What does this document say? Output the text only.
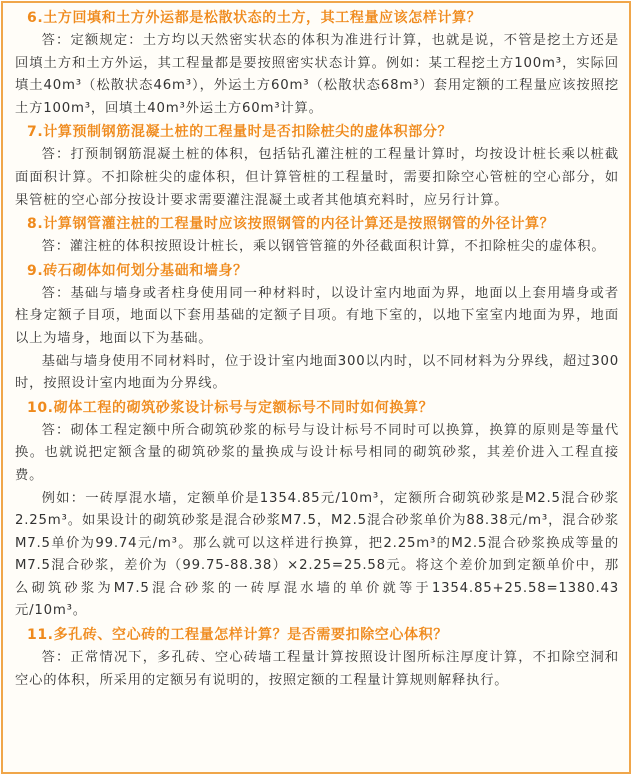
6.土方回填和土方外运都是松散状态的土方，其工程量应该怎样计算？

答：定额规定：土方均以天然密实状态的体积为准进行计算，也就是说，不管是挖土方还是回填土方和土方外运，其工程量都是要按照密实状态计算。例如：某工程挖土方100m³，实际回填土40m³（松散状态46m³），外运土方60m³（松散状态68m³）套用定额的工程量应该按照挖土方100m³，回填土40m³外运土方60m³计算。

7.计算预制钢筋混凝土桩的工程量时是否扣除桩尖的虚体积部分？

答：打预制钢筋混凝土桩的体积，包括钻孔灌注桩的工程量计算时，均按设计桩长乘以桩截面面积计算。不扣除桩尖的虚体积，但计算管桩的工程量时，需要扣除空心管桩的空心部分，如果管桩的空心部分按设计要求需要灌注混凝土或者其他填充料时，应另行计算。

8.计算钢管灌注桩的工程量时应该按照钢管的内径计算还是按照钢管的外径计算？

答：灌注桩的体积按照设计桩长，乘以钢管管箍的外径截面积计算，不扣除桩尖的虚体积。

9.砖石砌体如何划分基础和墙身？

答：基础与墙身或者柱身使用同一种材料时，以设计室内地面为界，地面以上套用墙身或者柱身定额子目项，地面以下套用基础的定额子目项。有地下室的，以地下室室内地面为界，地面以上为墙身，地面以下为基础。

基础与墙身使用不同材料时，位于设计室内地面300以内时，以不同材料为分界线，超过300时，按照设计室内地面为分界线。

10.砌体工程的砌筑砂浆设计标号与定额标号不同时如何换算？

答：砌体工程定额中所合砌筑砂浆的标号与设计标号不同时可以换算，换算的原则是等量代换。也就说把定额含量的砌筑砂浆的量换成与设计标号相同的砌筑砂浆，其差价进入工程直接费。

例如：一砖厚混水墙，定额单价是1354.85元/10m³，定额所合砌筑砂浆是M2.5混合砂浆2.25m³。如果设计的砌筑砂浆是混合砂浆M7.5，M2.5混合砂浆单价为88.38元/m³，混合砂浆M7.5单价为99.74元/m³。那么就可以这样进行换算，把2.25m³的M2.5混合砂浆换成等量的M7.5混合砂浆，差价为（99.75-88.38）×2.25=25.58元。将这个差价加到定额单价中，那么砌筑砂浆为M7.5混合砂浆的一砖厚混水墙的单价就等于1354.85+25.58=1380.43元/10m³。

11.多孔砖、空心砖的工程量怎样计算？是否需要扣除空心体积？

答：正常情况下，多孔砖、空心砖墙工程量计算按照设计图所标注厚度计算，不扣除空洞和空心的体积，所采用的定额另有说明的，按照定额的工程量计算规则解释执行。
